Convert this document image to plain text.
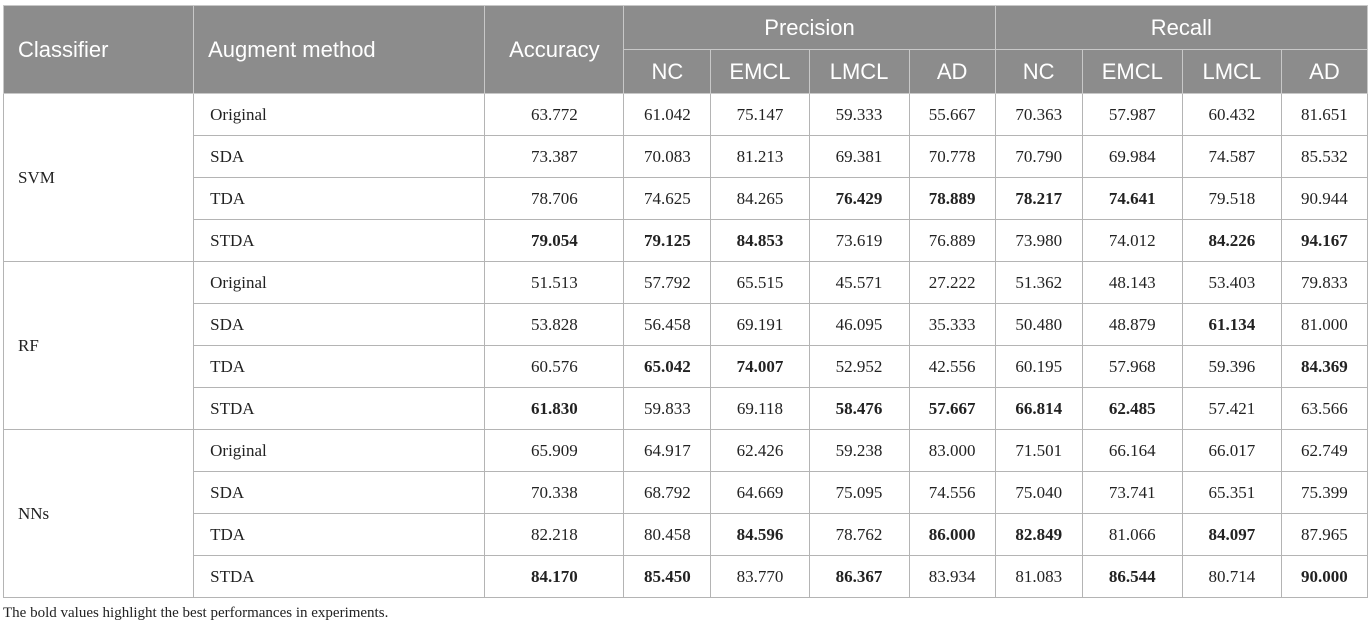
Classifier	Augment method	Accuracy	Precision				Recall			
			NC	EMCL	LMCL	AD	NC	EMCL	LMCL	AD
SVM	Original	63.772	61.042	75.147	59.333	55.667	70.363	57.987	60.432	81.651
	SDA	73.387	70.083	81.213	69.381	70.778	70.790	69.984	74.587	85.532
	TDA	78.706	74.625	84.265	76.429	78.889	78.217	74.641	79.518	90.944
	STDA	79.054	79.125	84.853	73.619	76.889	73.980	74.012	84.226	94.167
RF	Original	51.513	57.792	65.515	45.571	27.222	51.362	48.143	53.403	79.833
	SDA	53.828	56.458	69.191	46.095	35.333	50.480	48.879	61.134	81.000
	TDA	60.576	65.042	74.007	52.952	42.556	60.195	57.968	59.396	84.369
	STDA	61.830	59.833	69.118	58.476	57.667	66.814	62.485	57.421	63.566
NNs	Original	65.909	64.917	62.426	59.238	83.000	71.501	66.164	66.017	62.749
	SDA	70.338	68.792	64.669	75.095	74.556	75.040	73.741	65.351	75.399
	TDA	82.218	80.458	84.596	78.762	86.000	82.849	81.066	84.097	87.965
	STDA	84.170	85.450	83.770	86.367	83.934	81.083	86.544	80.714	90.000
The bold values highlight the best performances in experiments.
